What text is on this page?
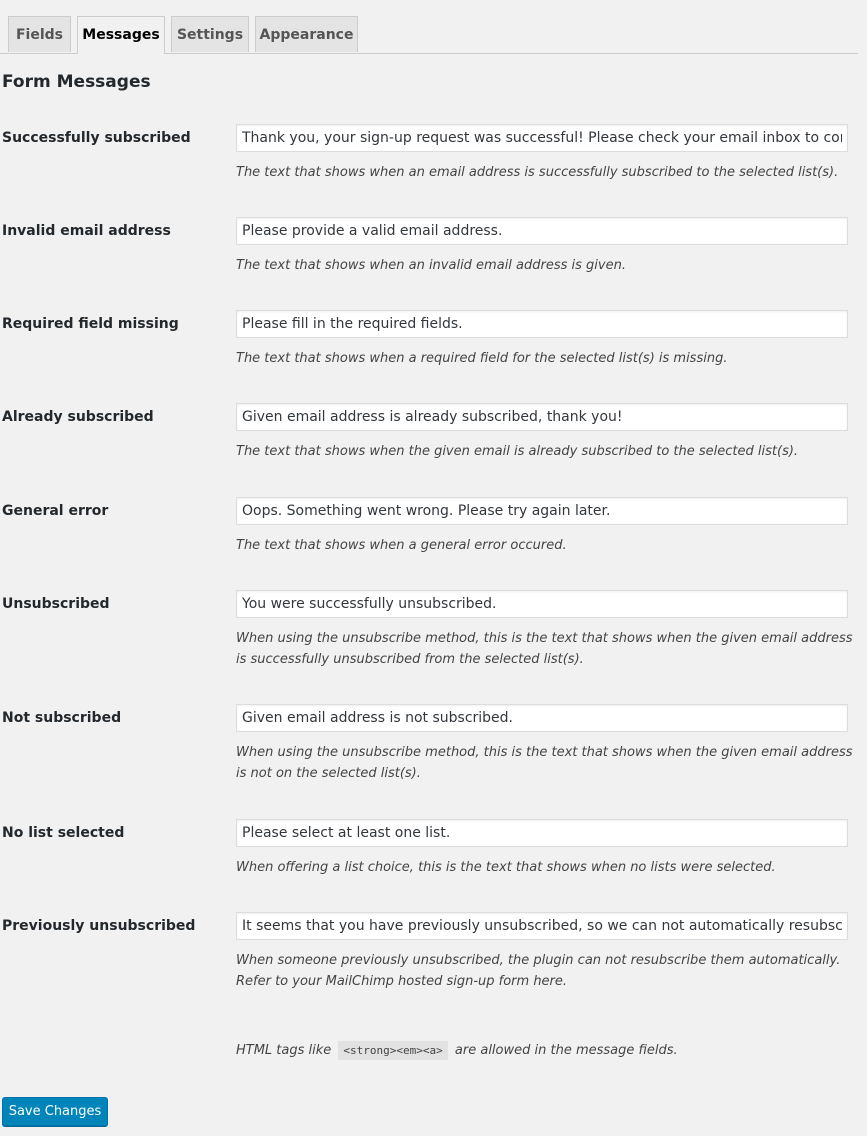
Fields	Messages	Settings	Appearance
Form Messages
Successfully subscribed
Thank you, your sign-up request was successful! Please check your email inbox to confirm.
The text that shows when an email address is successfully subscribed to the selected list(s).
Invalid email address
Please provide a valid email address.
The text that shows when an invalid email address is given.
Required field missing
Please fill in the required fields.
The text that shows when a required field for the selected list(s) is missing.
Already subscribed
Given email address is already subscribed, thank you!
The text that shows when the given email is already subscribed to the selected list(s).
General error
Oops. Something went wrong. Please try again later.
The text that shows when a general error occured.
Unsubscribed
You were successfully unsubscribed.
When using the unsubscribe method, this is the text that shows when the given email address is successfully unsubscribed from the selected list(s).
Not subscribed
Given email address is not subscribed.
When using the unsubscribe method, this is the text that shows when the given email address is not on the selected list(s).
No list selected
Please select at least one list.
When offering a list choice, this is the text that shows when no lists were selected.
Previously unsubscribed
It seems that you have previously unsubscribed, so we can not automatically resubscribe you.
When someone previously unsubscribed, the plugin can not resubscribe them automatically. Refer to your MailChimp hosted sign-up form here.
HTML tags like <strong><em><a> are allowed in the message fields.
Save Changes
